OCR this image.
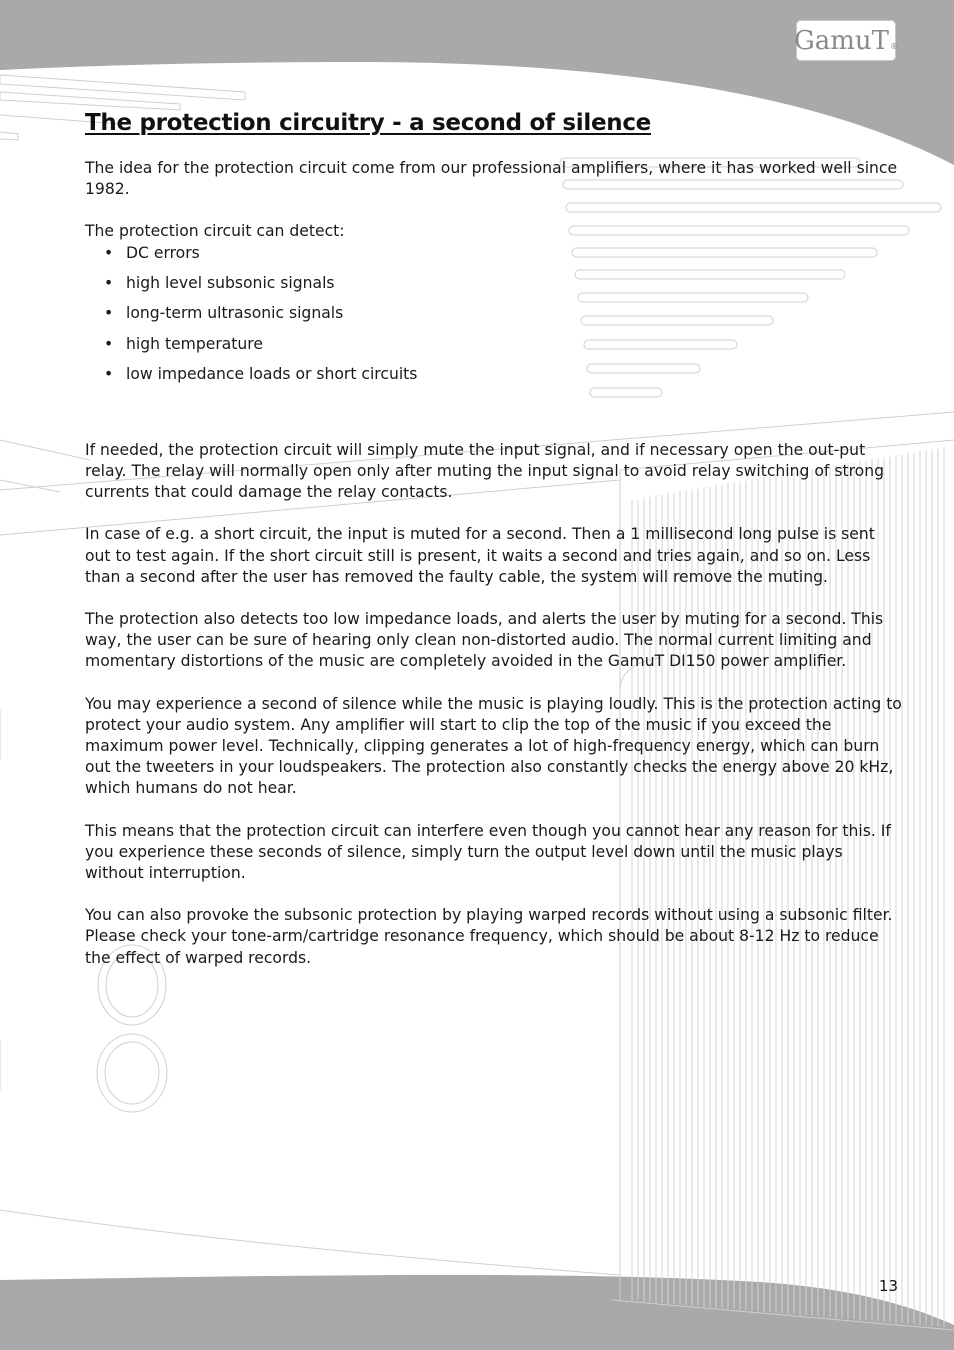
GamuT ®
The protection circuitry - a second of silence

The idea for the protection circuit come from our professional amplifiers, where it has worked well since 1982.

The protection circuit can detect:

• DC errors
• high level subsonic signals
• long-term ultrasonic signals
• high temperature
• low impedance loads or short circuits

If needed, the protection circuit will simply mute the input signal, and if necessary open the out-put relay. The relay will normally open only after muting the input signal to avoid relay switching of strong currents that could damage the relay contacts.

In case of e.g. a short circuit, the input is muted for a second. Then a 1 millisecond long pulse is sent out to test again. If the short circuit still is present, it waits a second and tries again, and so on. Less than a second after the user has removed the faulty cable, the system will remove the muting.

The protection also detects too low impedance loads, and alerts the user by muting for a second. This way, the user can be sure of hearing only clean non-distorted audio. The normal current limiting and momentary distortions of the music are completely avoided in the GamuT DI150 power amplifier.

You may experience a second of silence while the music is playing loudly. This is the protection acting to protect your audio system. Any amplifier will start to clip the top of the music if you exceed the maximum power level. Technically, clipping generates a lot of high-frequency energy, which can burn out the tweeters in your loudspeakers. The protection also constantly checks the energy above 20 kHz, which humans do not hear.

This means that the protection circuit can interfere even though you cannot hear any reason for this. If you experience these seconds of silence, simply turn the output level down until the music plays without interruption.

You can also provoke the subsonic protection by playing warped records without using a subsonic filter. Please check your tone-arm/cartridge resonance frequency, which should be about 8-12 Hz to reduce the effect of warped records.

13
